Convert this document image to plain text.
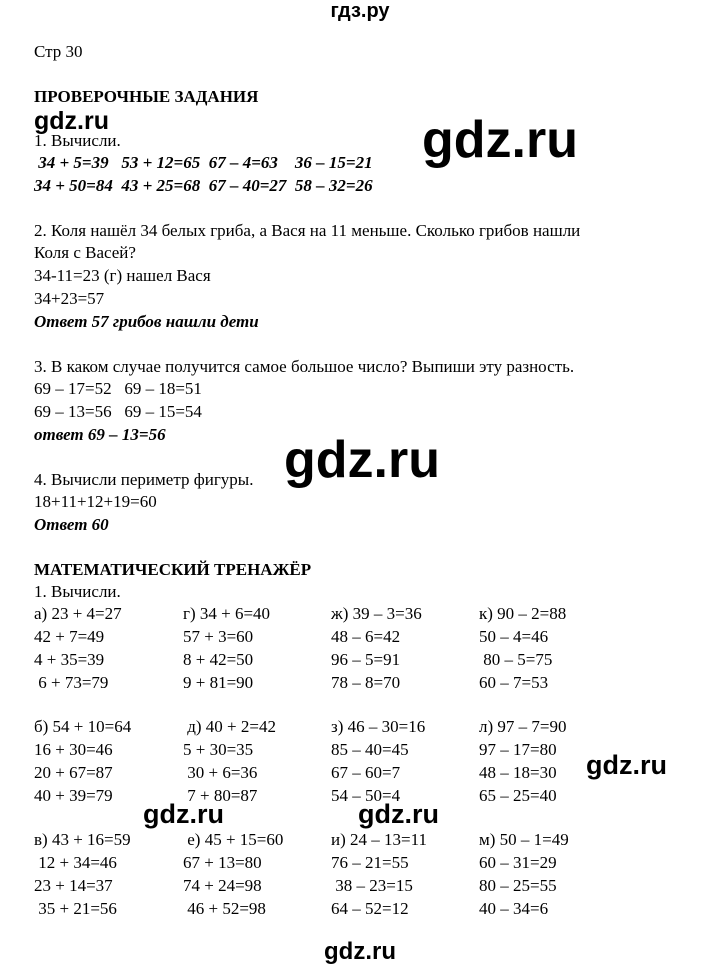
гдз.ру
Стр 30
ПРОВЕРОЧНЫЕ ЗАДАНИЯ
gdz.ru
1. Вычисли.	gdz.ru
34 + 5=39   53 + 12=65  67 – 4=63    36 – 15=21
34 + 50=84  43 + 25=68  67 – 40=27  58 – 32=26
2. Коля нашёл 34 белых гриба, а Вася на 11 меньше. Сколько грибов нашли
Коля с Васей?
34-11=23 (г) нашел Вася
34+23=57
Ответ 57 грибов нашли дети
3. В каком случае получится самое большое число? Выпиши эту разность.
69 – 17=52   69 – 18=51
69 – 13=56   69 – 15=54
ответ 69 – 13=56 gdz.ru
4. Вычисли периметр фигуры.
18+11+12+19=60
Ответ 60
МАТЕМАТИЧЕСКИЙ ТРЕНАЖЁР
1. Вычисли.
а) 23 + 4=27
42 + 7=49
4 + 35=39
6 + 73=79
г) 34 + 6=40
57 + 3=60
8 + 42=50
9 + 81=90
ж) 39 – 3=36
48 – 6=42
96 – 5=91
78 – 8=70
к) 90 – 2=88
50 – 4=46
80 – 5=75
60 – 7=53
б) 54 + 10=64
16 + 30=46
20 + 67=87
40 + 39=79
д) 40 + 2=42
5 + 30=35
30 + 6=36
7 + 80=87
з) 46 – 30=16
85 – 40=45
67 – 60=7
54 – 50=4
л) 97 – 7=90
97 – 17=80
48 – 18=30
65 – 25=40
gdz.ru
gdz.ru	gdz.ru
в) 43 + 16=59
12 + 34=46
23 + 14=37
35 + 21=56
е) 45 + 15=60
67 + 13=80
74 + 24=98
46 + 52=98
и) 24 – 13=11
76 – 21=55
38 – 23=15
64 – 52=12
м) 50 – 1=49
60 – 31=29
80 – 25=55
40 – 34=6
gdz.ru
